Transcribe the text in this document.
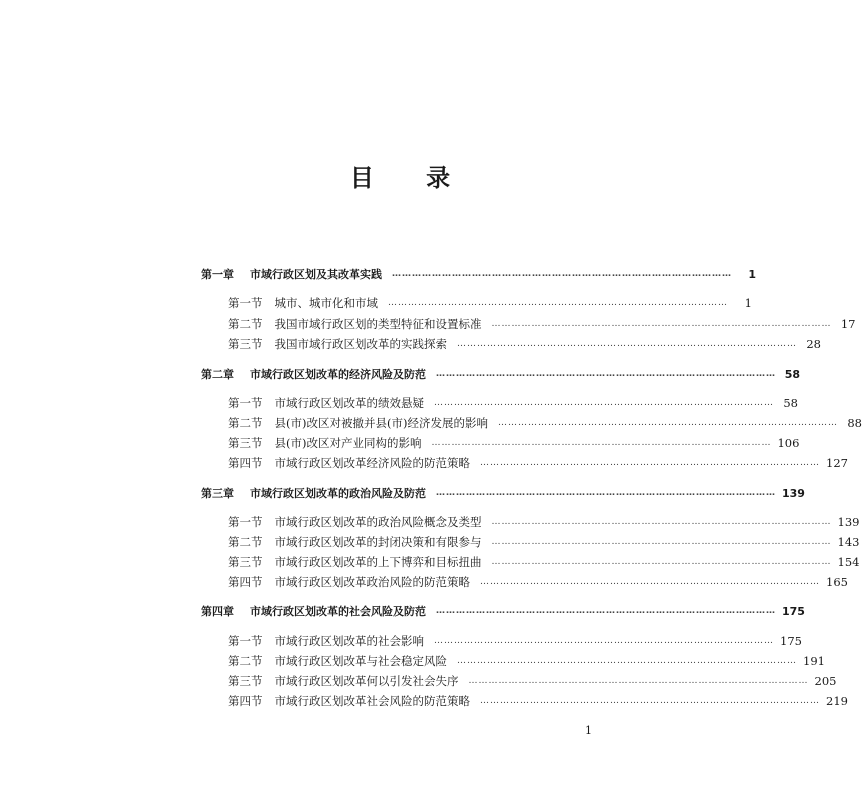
目 录
第一章 市域行政区划及其改革实践 …………………………………………………………………………………………	1
第一节 城市、城市化和市域 …………………………………………………………………………………………	1
第二节 我国市域行政区划的类型特征和设置标准 ………………………………………………………………………………………… 17
第三节 我国市域行政区划改革的实践探索 ………………………………………………………………………………………… 28
第二章 市域行政区划改革的经济风险及防范 ………………………………………………………………………………………… 58
第一节 市域行政区划改革的绩效悬疑 ………………………………………………………………………………………… 58
第二节 县(市)改区对被撤并县(市)经济发展的影响 ………………………………………………………………………………………… 88
第三节 县(市)改区对产业同构的影响 ………………………………………………………………………………………… 106
第四节 市域行政区划改革经济风险的防范策略 ………………………………………………………………………………………… 127
第三章 市域行政区划改革的政治风险及防范 ………………………………………………………………………………………… 139
第一节 市域行政区划改革的政治风险概念及类型 ………………………………………………………………………………………… 139
第二节 市域行政区划改革的封闭决策和有限参与 ………………………………………………………………………………………… 143
第三节 市域行政区划改革的上下博弈和目标扭曲 ………………………………………………………………………………………… 154
第四节 市域行政区划改革政治风险的防范策略 ………………………………………………………………………………………… 165
第四章 市域行政区划改革的社会风险及防范 ………………………………………………………………………………………… 175
第一节 市域行政区划改革的社会影响 ………………………………………………………………………………………… 175
第二节 市域行政区划改革与社会稳定风险 ………………………………………………………………………………………… 191
第三节 市域行政区划改革何以引发社会失序 ………………………………………………………………………………………… 205
第四节 市域行政区划改革社会风险的防范策略 ………………………………………………………………………………………… 219
1
